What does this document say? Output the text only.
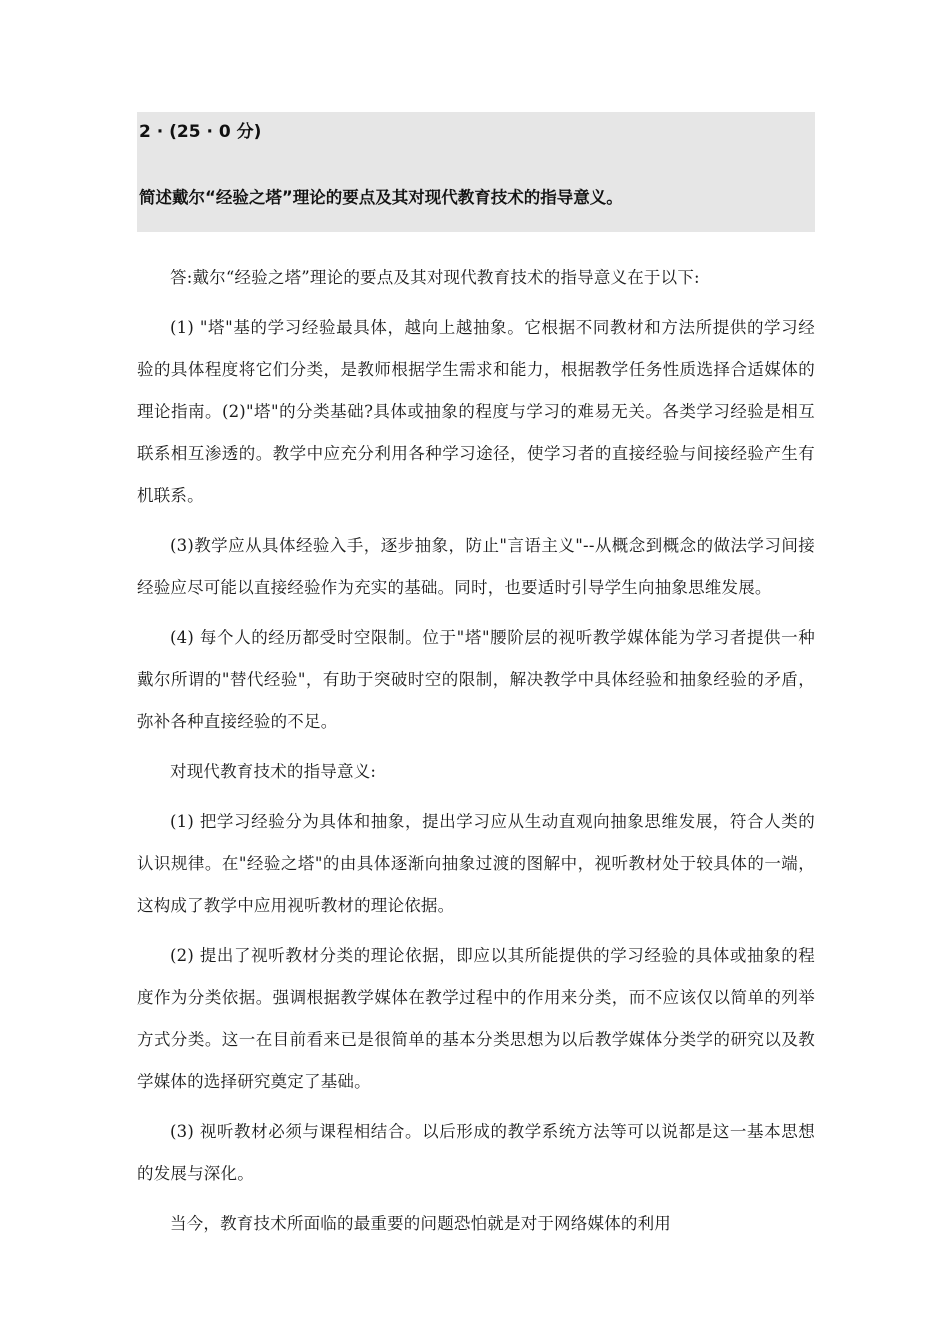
2 · (25 · 0 分)
简述戴尔“经验之塔”理论的要点及其对现代教育技术的指导意义。

答:戴尔“经验之塔”理论的要点及其对现代教育技术的指导意义在于以下:

(1) "塔"基的学习经验最具体，越向上越抽象。它根据不同教材和方法所提供的学习经验的具体程度将它们分类，是教师根据学生需求和能力，根据教学任务性质选择合适媒体的理论指南。(2)"塔"的分类基础?具体或抽象的程度与学习的难易无关。各类学习经验是相互联系相互渗透的。教学中应充分利用各种学习途径，使学习者的直接经验与间接经验产生有机联系。

(3)教学应从具体经验入手，逐步抽象，防止"言语主义"--从概念到概念的做法学习间接经验应尽可能以直接经验作为充实的基础。同时，也要适时引导学生向抽象思维发展。

(4) 每个人的经历都受时空限制。位于"塔"腰阶层的视听教学媒体能为学习者提供一种戴尔所谓的"替代经验"，有助于突破时空的限制，解决教学中具体经验和抽象经验的矛盾，弥补各种直接经验的不足。

对现代教育技术的指导意义:

(1) 把学习经验分为具体和抽象，提出学习应从生动直观向抽象思维发展，符合人类的认识规律。在"经验之塔"的由具体逐渐向抽象过渡的图解中，视听教材处于较具体的一端，这构成了教学中应用视听教材的理论依据。

(2) 提出了视听教材分类的理论依据，即应以其所能提供的学习经验的具体或抽象的程度作为分类依据。强调根据教学媒体在教学过程中的作用来分类，而不应该仅以简单的列举方式分类。这一在目前看来已是很简单的基本分类思想为以后教学媒体分类学的研究以及教学媒体的选择研究奠定了基础。

(3) 视听教材必须与课程相结合。以后形成的教学系统方法等可以说都是这一基本思想的发展与深化。

当今，教育技术所面临的最重要的问题恐怕就是对于网络媒体的利用
